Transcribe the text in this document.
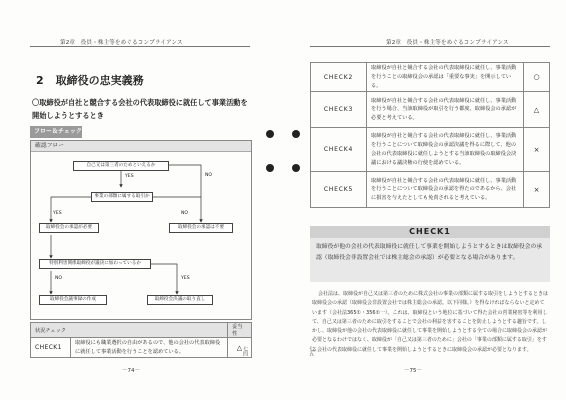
第2章　役員・株主等をめぐるコンプライアンス
2 取締役の忠実義務
〇取締役が自社と競合する会社の代表取締役に就任して事業活動を開始しようとするとき
フロー＆チェック
確認フロー
自己又は第三者のためといえるか
YES	NO
事業の部類に属する取引か
YES	NO
取締役会の承認が必要	取締役会の承認は不要
特別利害関係取締役が議決に加わっているか
NO	YES
取締役会議事録の作成	取締役会決議の取り直し
状況チェック		妥当性
CHECK1	取締役にも職業選択の自由があるので、他の会社の代表取締役に就任して事業活動を行うことを認めている。	△
－74－
七四
第2章　役員・株主等をめぐるコンプライアンス
CHECK2	取締役が自社と競合する会社の代表取締役に就任し、事業活動を行うことの取締役会の承認は「重要な事実」を開示している。	○
CHECK3	取締役が自社と競合する会社の代表取締役に就任し、事業活動を行う場合、当該取締役が取引を行う都度、取締役会の承認が必要と考えている。	△
CHECK4	取締役が自社と競合する会社の代表取締役に就任し、事業活動を行うことについて取締役会の承認決議を得るに際して、他の会社の代表取締役に就任しようとする当該取締役の取締役会決議における議決権の行使を認めている。	×
CHECK5	取締役が自社と競合する会社の代表取締役に就任し、事業活動を行うことについて取締役会の承認を得たのであるから、会社に損害を与えたとしても免責されると考えている。	×
CHECK1
取締役が他の会社の代表取締役に就任して事業を開始しようとするときは取締役会の承認（取締役会非設置会社では株主総会の承認）が必要となる場合があります。
会社法は、取締役が自己又は第三者のために株式会社の事業の部類に属する取引をしようとするときは取締役会の承認（取締役会非設置会社では株主総会の承認。以下同様。）を得なければならないと定めています（会社法365①・356①一）。これは、取締役という地位に基づいて得た会社の営業秘密等を利用して、自己又は第三者のために取引をすることで会社の利益を害することを防止しようとする趣旨です。しかし、取締役が他の会社の代表取締役に就任して事業を開始しようとする全ての場合に取締役会の承認が必要となるわけではなく、取締役が「自己又は第三者のために」会社の「事業の部類に属する取引」をする会社の代表取締役に就任して事業を開始しようとするときに取締役会の承認が必要となります。
－75－
七五
